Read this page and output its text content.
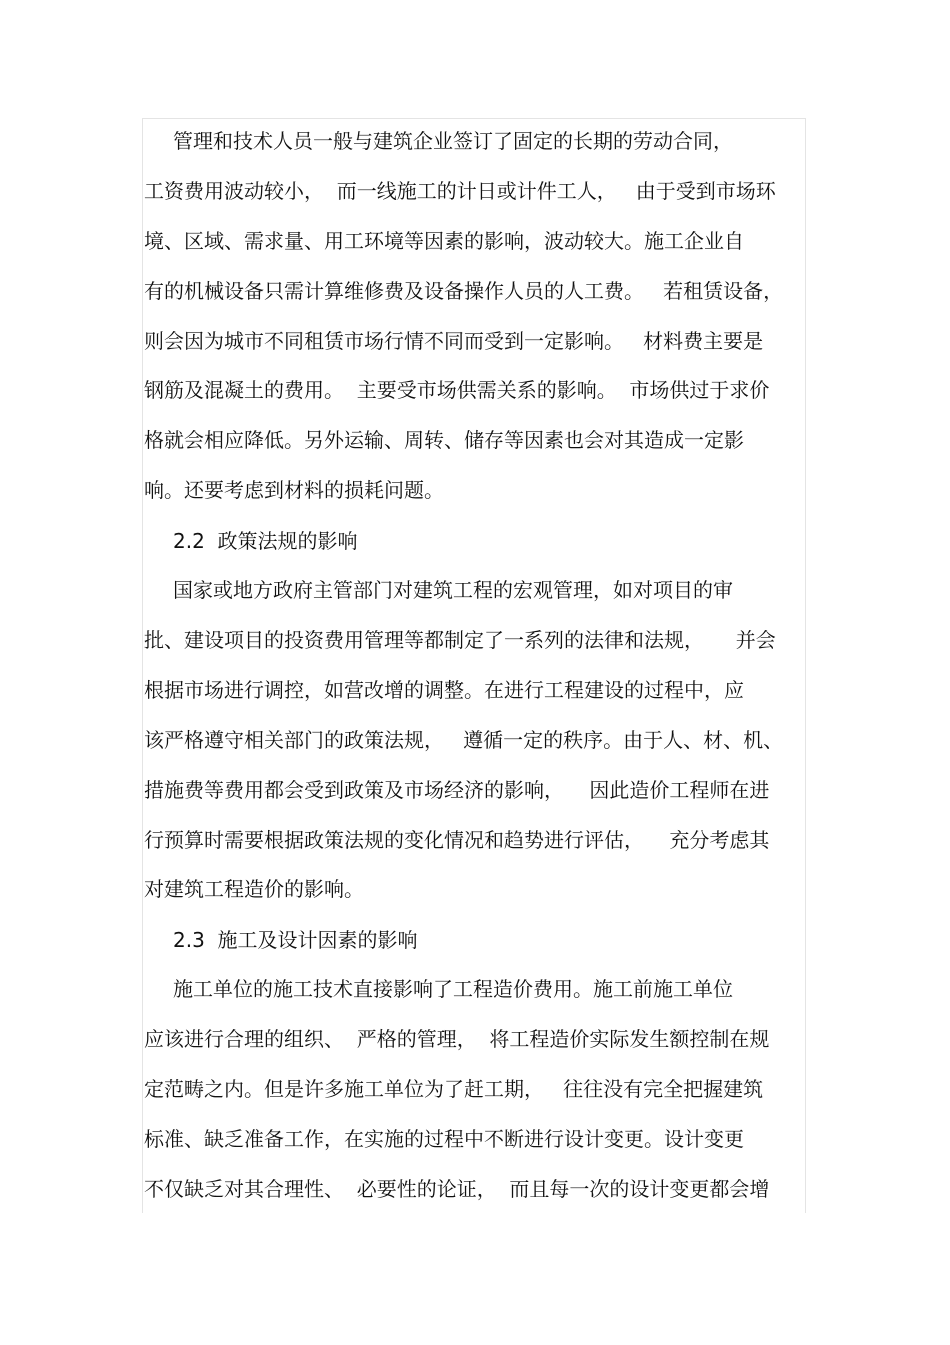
管理和技术人员一般与建筑企业签订了固定的长期的劳动合同，
工资费用波动较小，  而一线施工的计日或计件工人，   由于受到市场环
境、区域、需求量、用工环境等因素的影响，波动较大。施工企业自
有的机械设备只需计算维修费及设备操作人员的人工费。   若租赁设备，
则会因为城市不同租赁市场行情不同而受到一定影响。   材料费主要是
钢筋及混凝土的费用。  主要受市场供需关系的影响。  市场供过于求价
格就会相应降低。另外运输、周转、储存等因素也会对其造成一定影
响。还要考虑到材料的损耗问题。
2.2  政策法规的影响
国家或地方政府主管部门对建筑工程的宏观管理，如对项目的审
批、建设项目的投资费用管理等都制定了一系列的法律和法规，     并会
根据市场进行调控，如营改增的调整。在进行工程建设的过程中，应
该严格遵守相关部门的政策法规，   遵循一定的秩序。由于人、材、机、
措施费等费用都会受到政策及市场经济的影响，    因此造价工程师在进
行预算时需要根据政策法规的变化情况和趋势进行评估，    充分考虑其
对建筑工程造价的影响。
2.3  施工及设计因素的影响
施工单位的施工技术直接影响了工程造价费用。施工前施工单位
应该进行合理的组织、  严格的管理，  将工程造价实际发生额控制在规
定范畴之内。但是许多施工单位为了赶工期，   往往没有完全把握建筑
标准、缺乏准备工作，在实施的过程中不断进行设计变更。设计变更
不仅缺乏对其合理性、  必要性的论证，  而且每一次的设计变更都会增
